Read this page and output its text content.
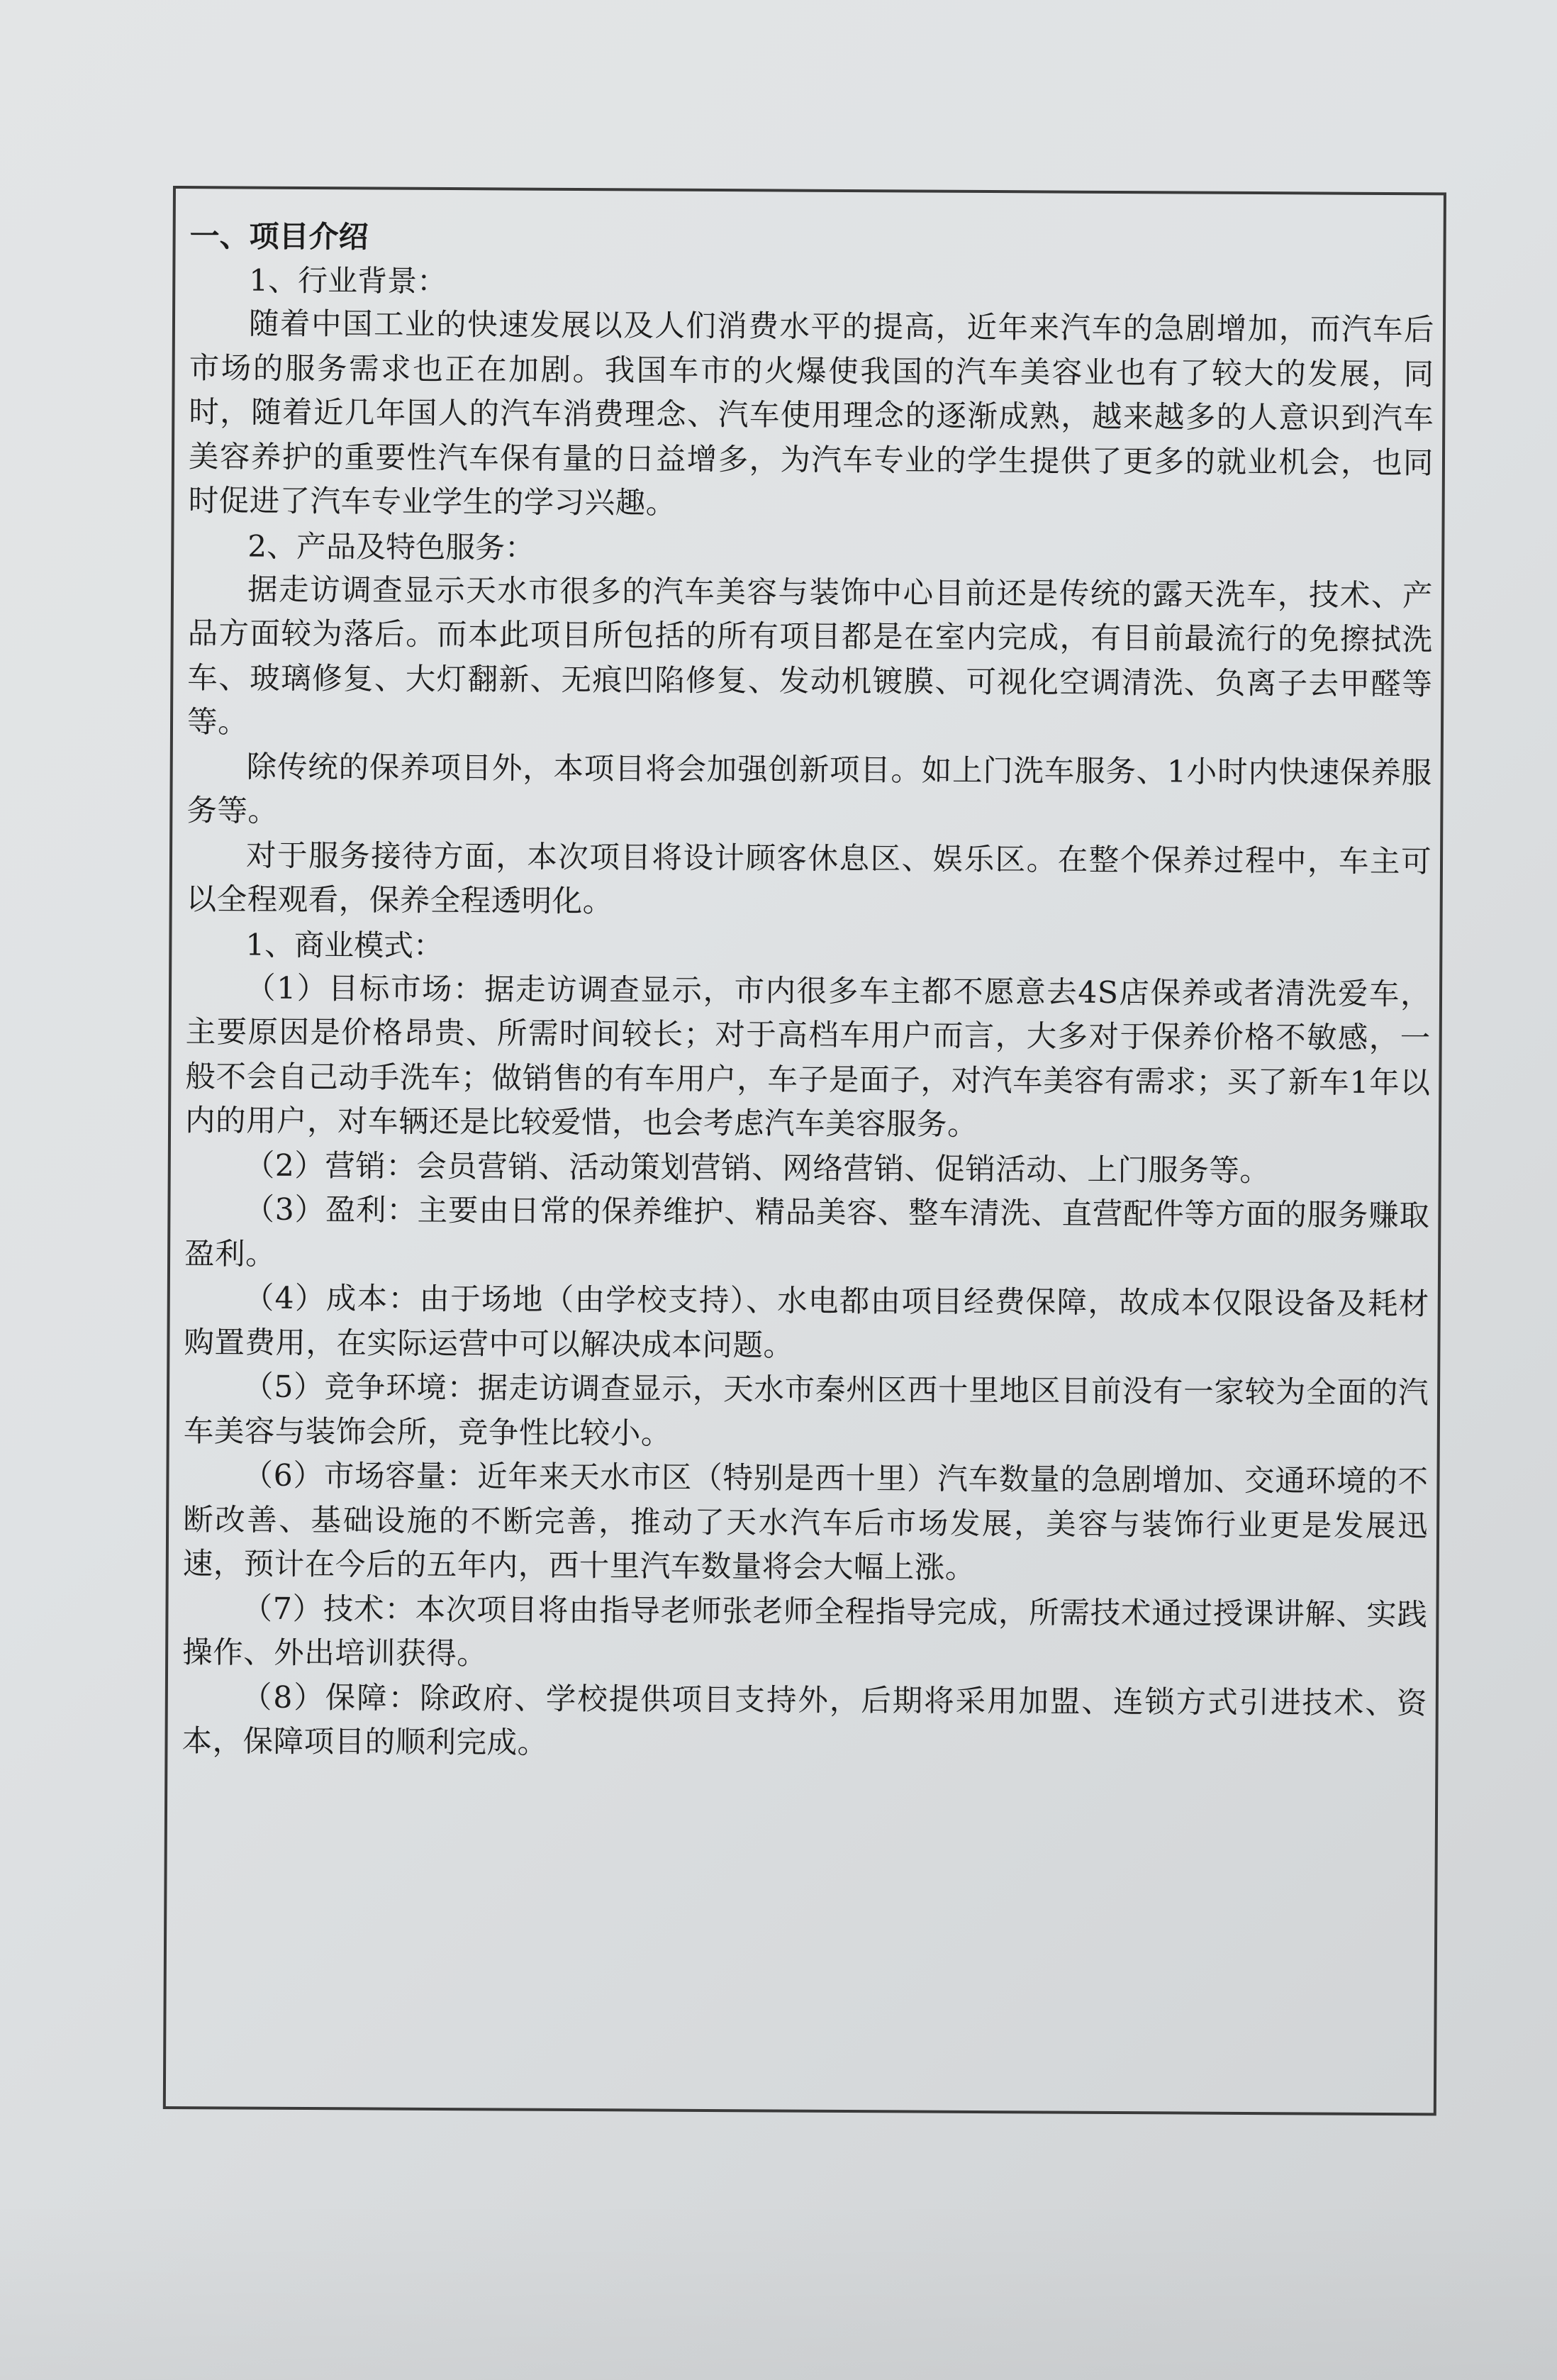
一、项目介绍

1、行业背景：

随着中国工业的快速发展以及人们消费水平的提高，近年来汽车的急剧增加，而汽车后市场的服务需求也正在加剧。我国车市的火爆使我国的汽车美容业也有了较大的发展，同时，随着近几年国人的汽车消费理念、汽车使用理念的逐渐成熟，越来越多的人意识到汽车美容养护的重要性汽车保有量的日益增多，为汽车专业的学生提供了更多的就业机会，也同时促进了汽车专业学生的学习兴趣。

2、产品及特色服务：

据走访调查显示天水市很多的汽车美容与装饰中心目前还是传统的露天洗车，技术、产品方面较为落后。而本此项目所包括的所有项目都是在室内完成，有目前最流行的免擦拭洗车、玻璃修复、大灯翻新、无痕凹陷修复、发动机镀膜、可视化空调清洗、负离子去甲醛等等。

除传统的保养项目外，本项目将会加强创新项目。如上门洗车服务、1小时内快速保养服务等。

对于服务接待方面，本次项目将设计顾客休息区、娱乐区。在整个保养过程中，车主可以全程观看，保养全程透明化。

1、商业模式：

（1）目标市场：据走访调查显示，市内很多车主都不愿意去4S店保养或者清洗爱车，主要原因是价格昂贵、所需时间较长；对于高档车用户而言，大多对于保养价格不敏感，一般不会自己动手洗车；做销售的有车用户，车子是面子，对汽车美容有需求；买了新车1年以内的用户，对车辆还是比较爱惜，也会考虑汽车美容服务。

（2）营销：会员营销、活动策划营销、网络营销、促销活动、上门服务等。

（3）盈利：主要由日常的保养维护、精品美容、整车清洗、直营配件等方面的服务赚取盈利。

（4）成本：由于场地（由学校支持）、水电都由项目经费保障，故成本仅限设备及耗材购置费用，在实际运营中可以解决成本问题。

（5）竞争环境：据走访调查显示，天水市秦州区西十里地区目前没有一家较为全面的汽车美容与装饰会所，竞争性比较小。

（6）市场容量：近年来天水市区（特别是西十里）汽车数量的急剧增加、交通环境的不断改善、基础设施的不断完善，推动了天水汽车后市场发展，美容与装饰行业更是发展迅速，预计在今后的五年内，西十里汽车数量将会大幅上涨。

（7）技术：本次项目将由指导老师张老师全程指导完成，所需技术通过授课讲解、实践操作、外出培训获得。

（8）保障：除政府、学校提供项目支持外，后期将采用加盟、连锁方式引进技术、资本，保障项目的顺利完成。
